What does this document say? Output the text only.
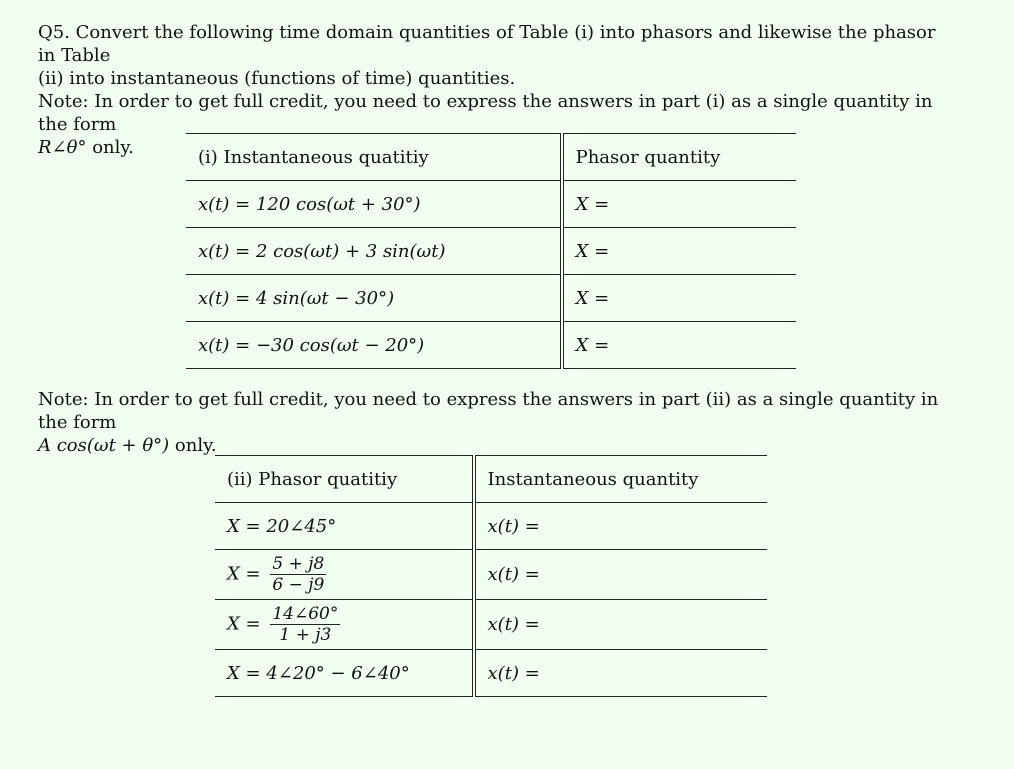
Q5. Convert the following time domain quantities of Table (i) into phasors and likewise the phasor in Table
(ii) into instantaneous (functions of time) quantities.
Note: In order to get full credit, you need to express the answers in part (i) as a single quantity in the form
R∠θ° only.	(i) Instantaneous quatitiy	Phasor quantity
x(t) = 120 cos(ωt + 30°)	X =
x(t) = 2 cos(ωt) + 3 sin(ωt)	X =
x(t) = 4 sin(ωt − 30°)	X =
x(t) = −30 cos(ωt − 20°)	X =
Note: In order to get full credit, you need to express the answers in part (ii) as a single quantity in the form
A cos(ωt + θ°) only.
(ii) Phasor quatitiy	Instantaneous quantity
X = 20∠45°	x(t) =
$X = \frac{5 + j8}{6 - j9}$	x(t) =
$X = \frac{14\angle 60^\circ}{1 + j3}$	x(t) =
X = 4∠20° − 6∠40°	x(t) =
